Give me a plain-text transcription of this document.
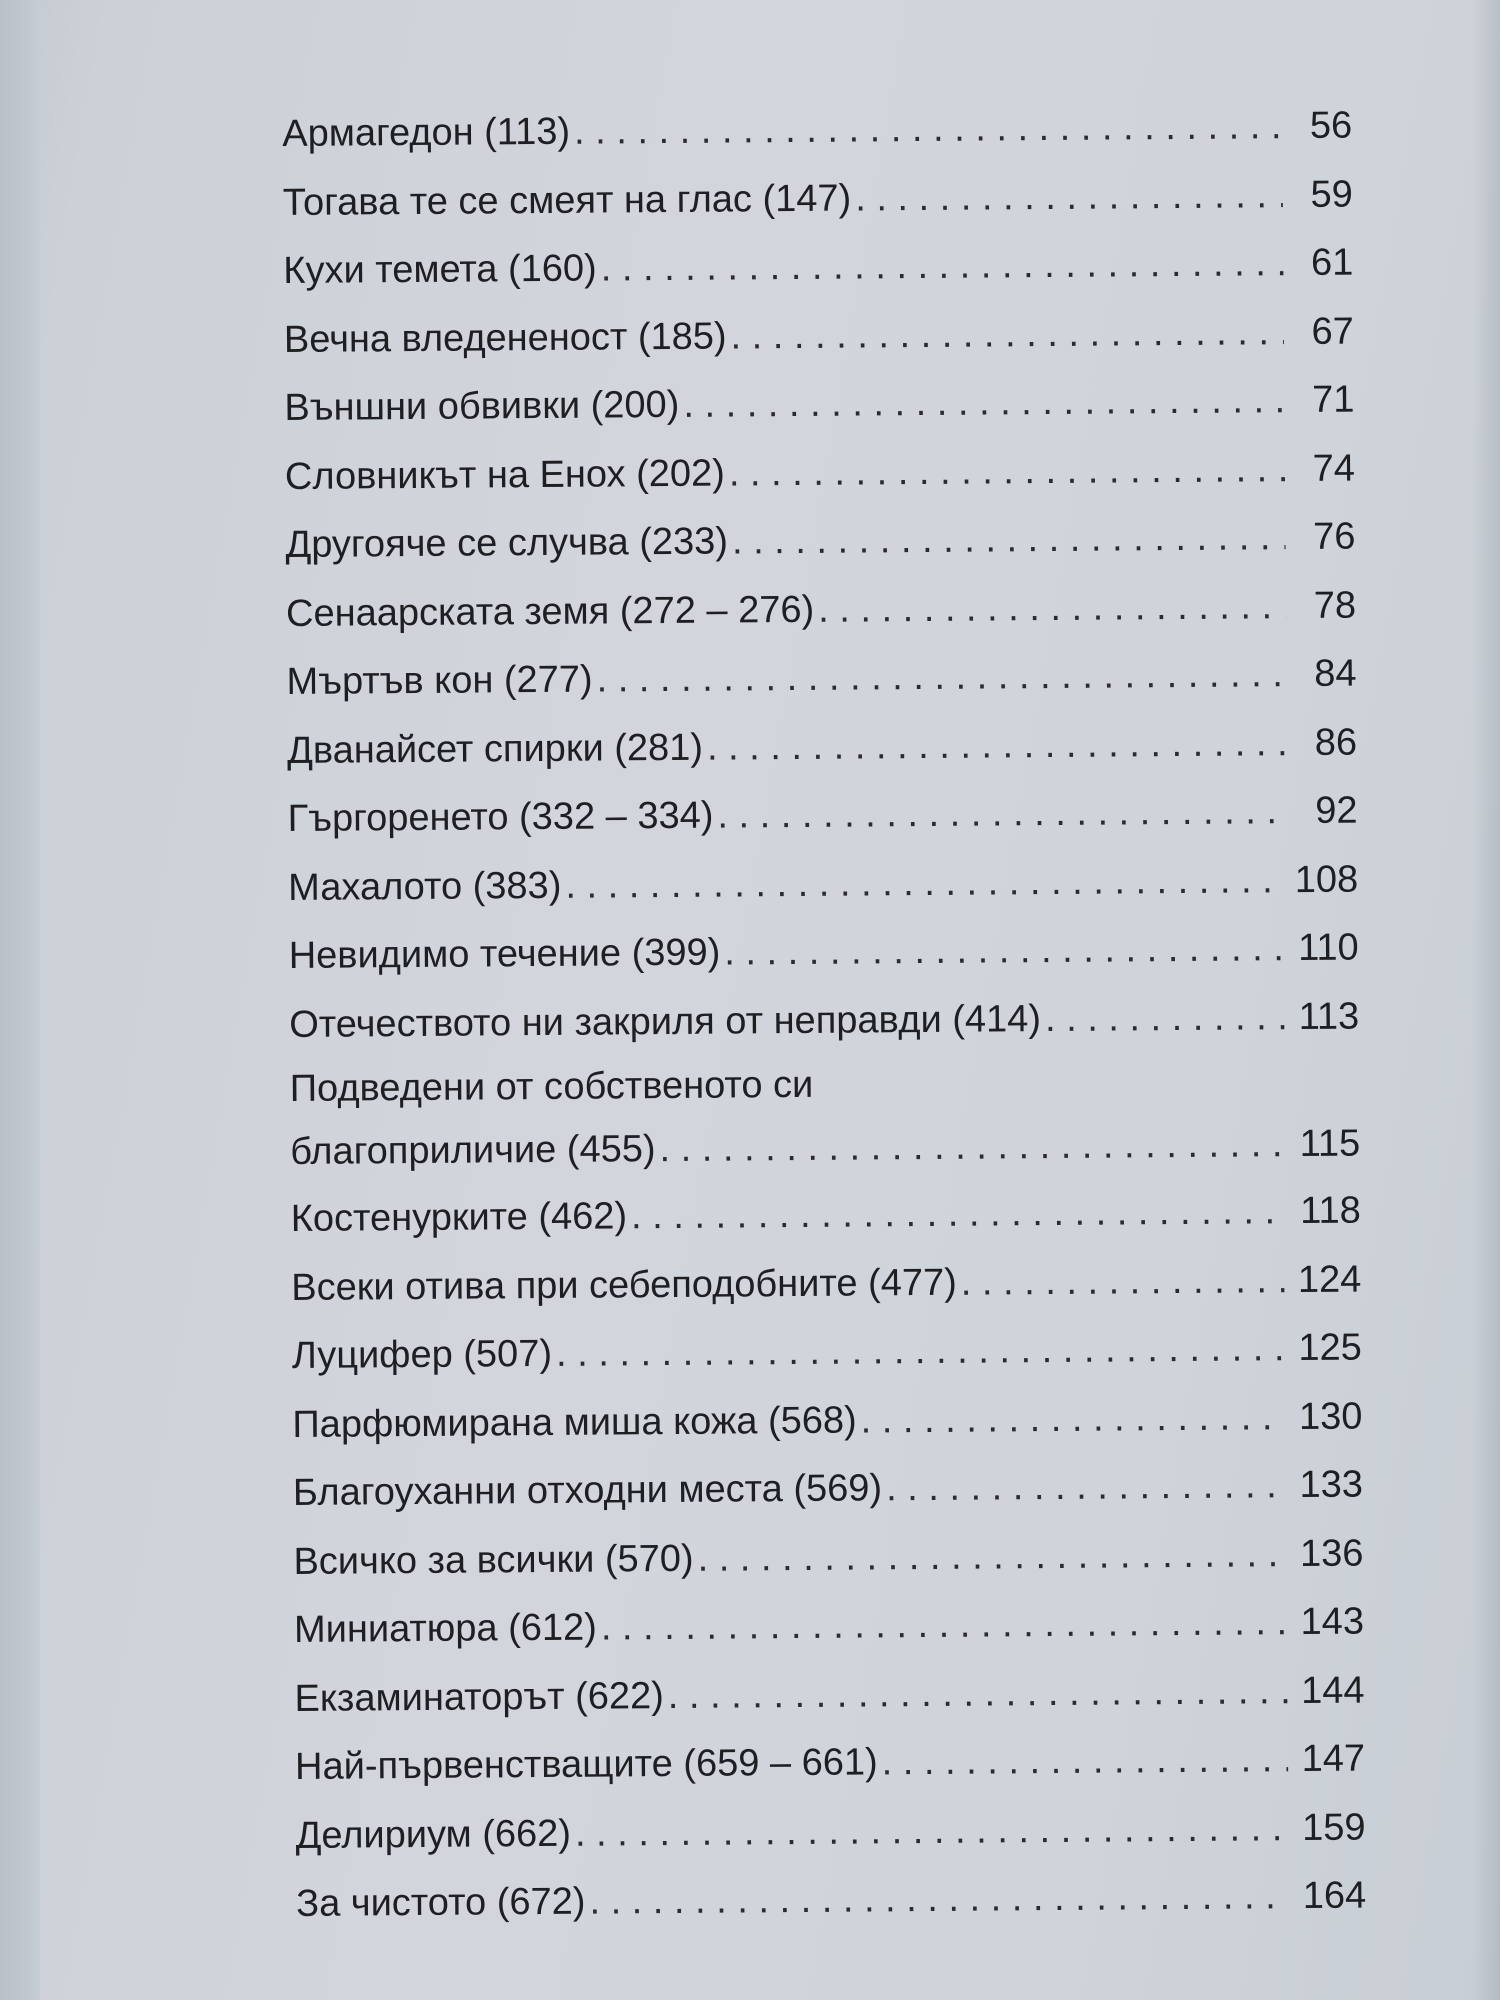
Армагедон (113) . . .	56
Тогава те се смеят на глас (147) . . .	59
Кухи темета (160) . . .	61
Вечна вледененост (185) . . .	67
Външни обвивки (200) . . .	71
Словникът на Енох (202) . . .	74
Другояче се случва (233) . . .	76
Сенаарската земя (272 – 276) . . .	78
Мъртъв кон (277) . . .	84
Дванайсет спирки (281) . . .	86
Гъргоренето (332 – 334) . . .	92
Махалото (383) . . .	108
Невидимо течение (399) . . .	110
Отечеството ни закриля от неправди (414) . . .	113
Подведени от собственото си
благоприличие (455) . . .	115
Костенурките (462) . . .	118
Всеки отива при себеподобните (477) . . .	124
Луцифер (507) . . .	125
Парфюмирана миша кожа (568) . . .	130
Благоуханни отходни места (569) . . .	133
Всичко за всички (570) . . .	136
Миниатюра (612) . . .	143
Екзаминаторът (622) . . .	144
Най-първенстващите (659 – 661) . . .	147
Делириум (662) . . .	159
За чистото (672) . . .	164
